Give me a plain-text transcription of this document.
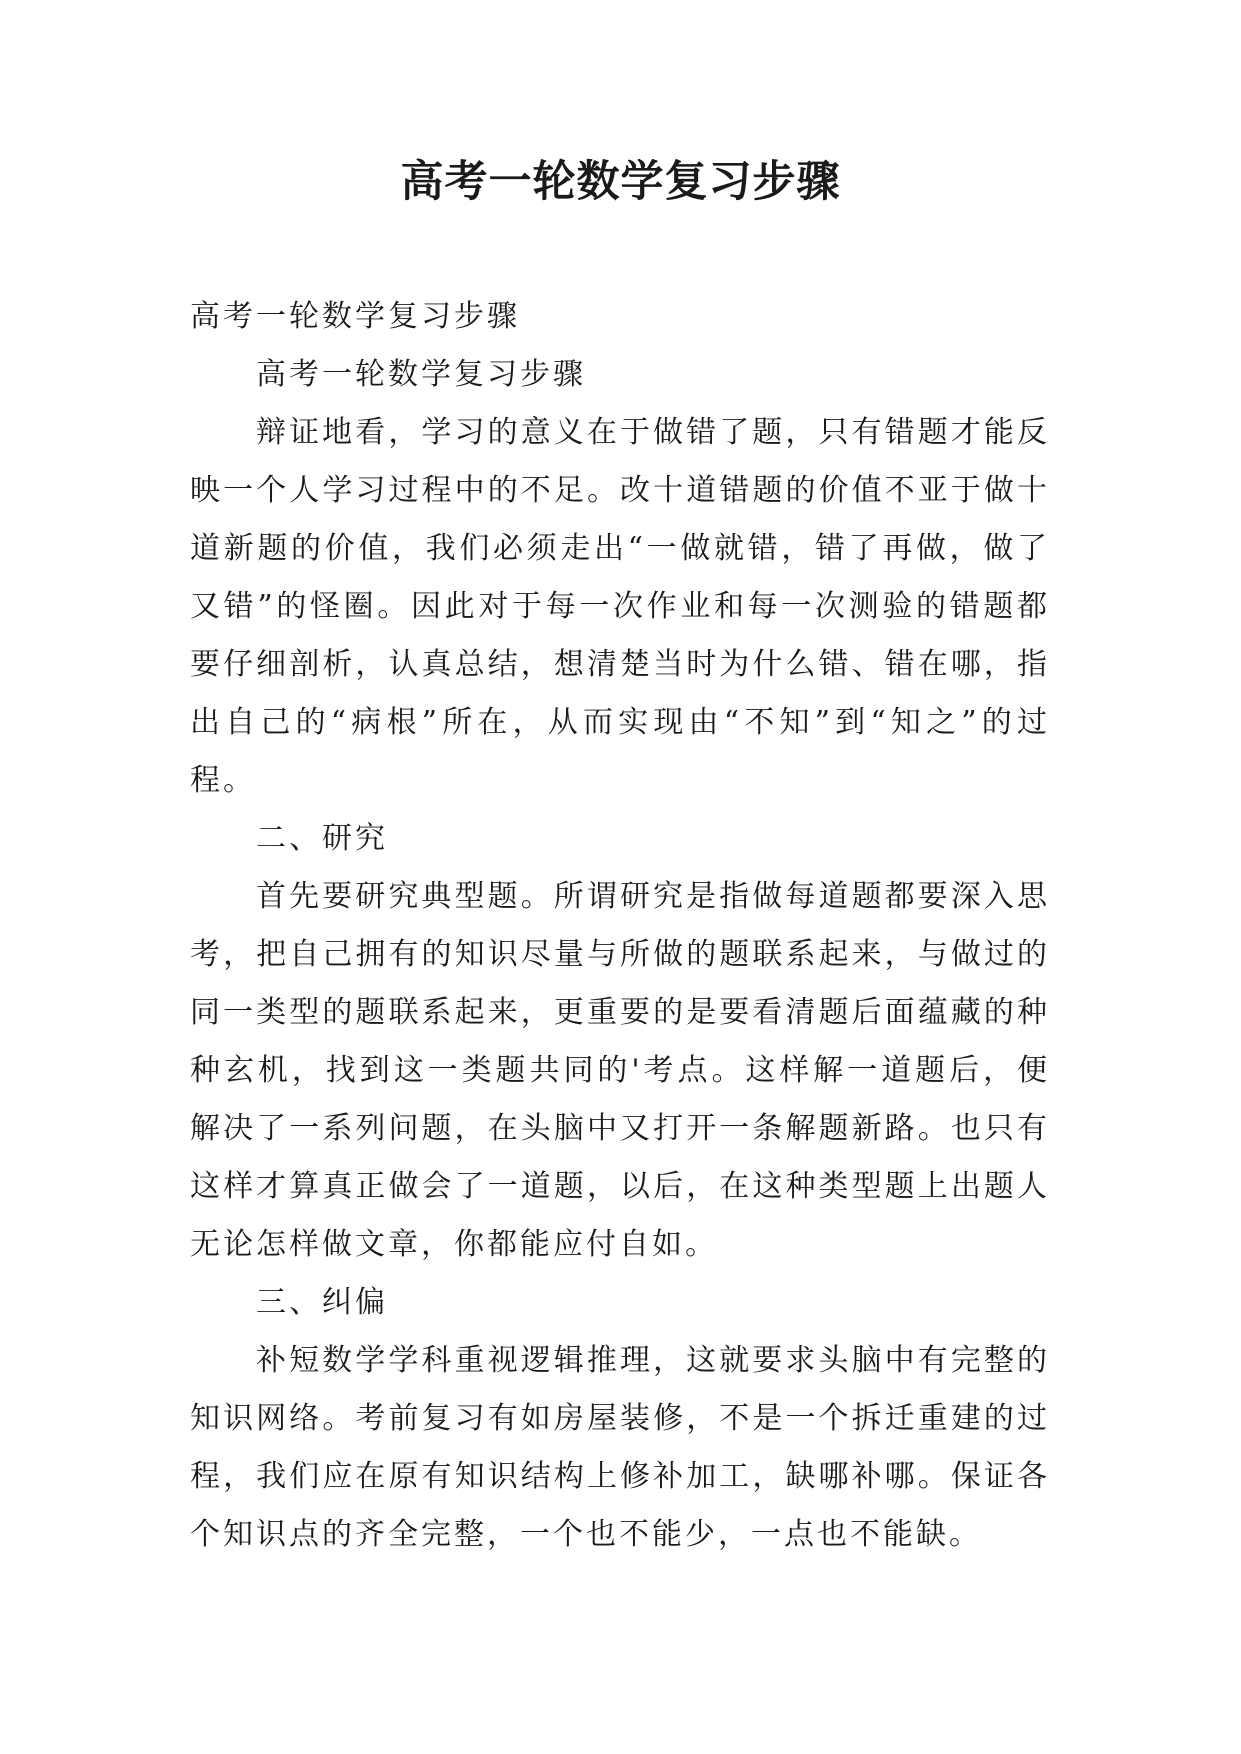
高考一轮数学复习步骤

高考一轮数学复习步骤

高考一轮数学复习步骤

辩证地看，学习的意义在于做错了题，只有错题才能反映一个人学习过程中的不足。改十道错题的价值不亚于做十道新题的价值，我们必须走出“一做就错，错了再做，做了又错”的怪圈。因此对于每一次作业和每一次测验的错题都要仔细剖析，认真总结，想清楚当时为什么错、错在哪，指出自己的“病根”所在，从而实现由“不知”到“知之”的过程。

二、研究

首先要研究典型题。所谓研究是指做每道题都要深入思考，把自己拥有的知识尽量与所做的题联系起来，与做过的同一类型的题联系起来，更重要的是要看清题后面蕴藏的种种玄机，找到这一类题共同的'考点。这样解一道题后，便解决了一系列问题，在头脑中又打开一条解题新路。也只有这样才算真正做会了一道题，以后，在这种类型题上出题人无论怎样做文章，你都能应付自如。

三、纠偏

补短数学学科重视逻辑推理，这就要求头脑中有完整的知识网络。考前复习有如房屋装修，不是一个拆迁重建的过程，我们应在原有知识结构上修补加工，缺哪补哪。保证各个知识点的齐全完整，一个也不能少，一点也不能缺。
